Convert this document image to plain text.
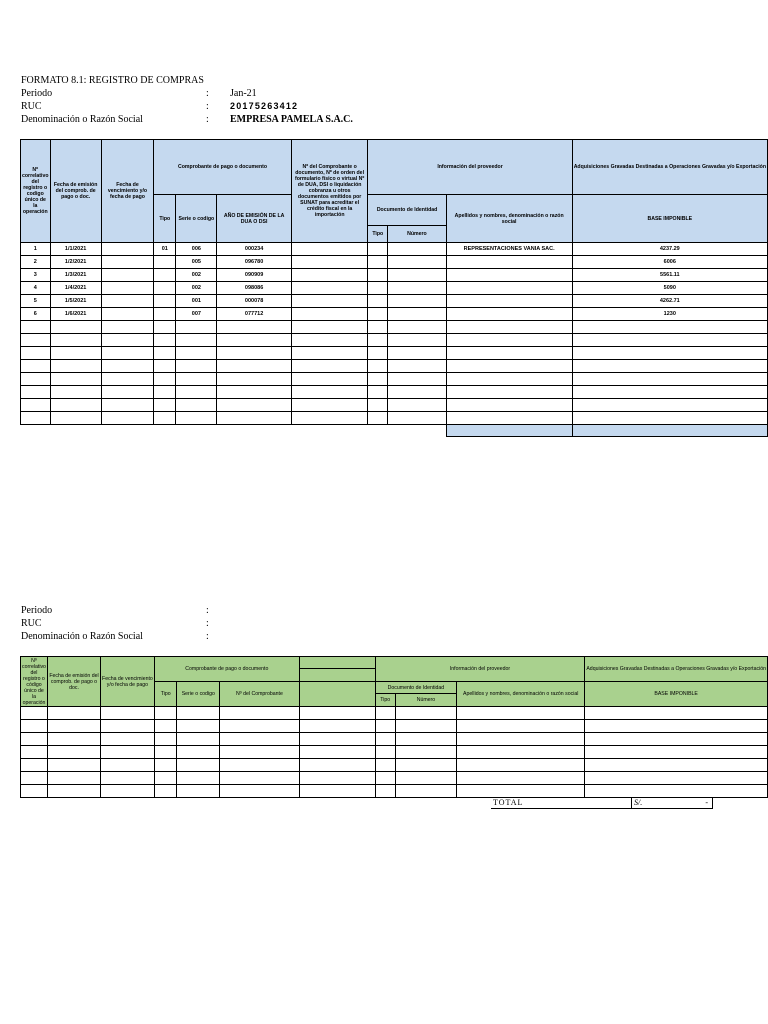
FORMATO 8.1: REGISTRO DE COMPRAS
Periodo	: Jan-21
RUC	: 20175263412
Denominación o Razón Social	: EMPRESA PAMELA S.A.C.
Nº correlativo del registro o codigo único de la operación	Fecha de emisión del comprob. de pago o doc.	Fecha de vencimiento y/o fecha de pago	Comprobante de pago o documento			Nº del Comprobante o documento, Nº de orden del formulario físico o virtual Nº de DUA, DSI o liquidación cobranza u otros documentos emitidos por SUNAT para acreditar el crédito fiscal en la importación	Información del proveedor			Adquisiciones Gravadas Destinadas a Operaciones Gravadas y/o Exportación
			Tipo	Serie o codigo	AÑO DE EMISIÓN DE LA DUA O DSI		Documento de Identidad		Apellidos y nombres, denominación o razón social	BASE IMPONIBLE
							Tipo	Número		
1	1/1/2021		01	006	000234				REPRESENTACIONES VANIA SAC.	4237.29
2	1/2/2021			005	096780					6006
3	1/3/2021			002	090909					5561.11
4	1/4/2021			002	098086					5090
5	1/5/2021			001	000078					4262.71
6	1/6/2021			007	077712					1230

Periodo	:
RUC	:
Denominación o Razón Social	:
Nº correlativo del registro o código único de la operación	Fecha de emisión del comprob. de pago o doc.	Fecha de vencimiento y/o fecha de pago	Comprobante de pago o documento				Información del proveedor			Adquisiciones Gravadas Destinadas a Operaciones Gravadas y/o Exportación

			Tipo	Serie o codigo	Nº del Comprobante		Documento de Identidad		Apellidos y nombres, denominación o razón social	BASE IMPONIBLE
							Tipo	Número		

TOTAL	S/.	-
